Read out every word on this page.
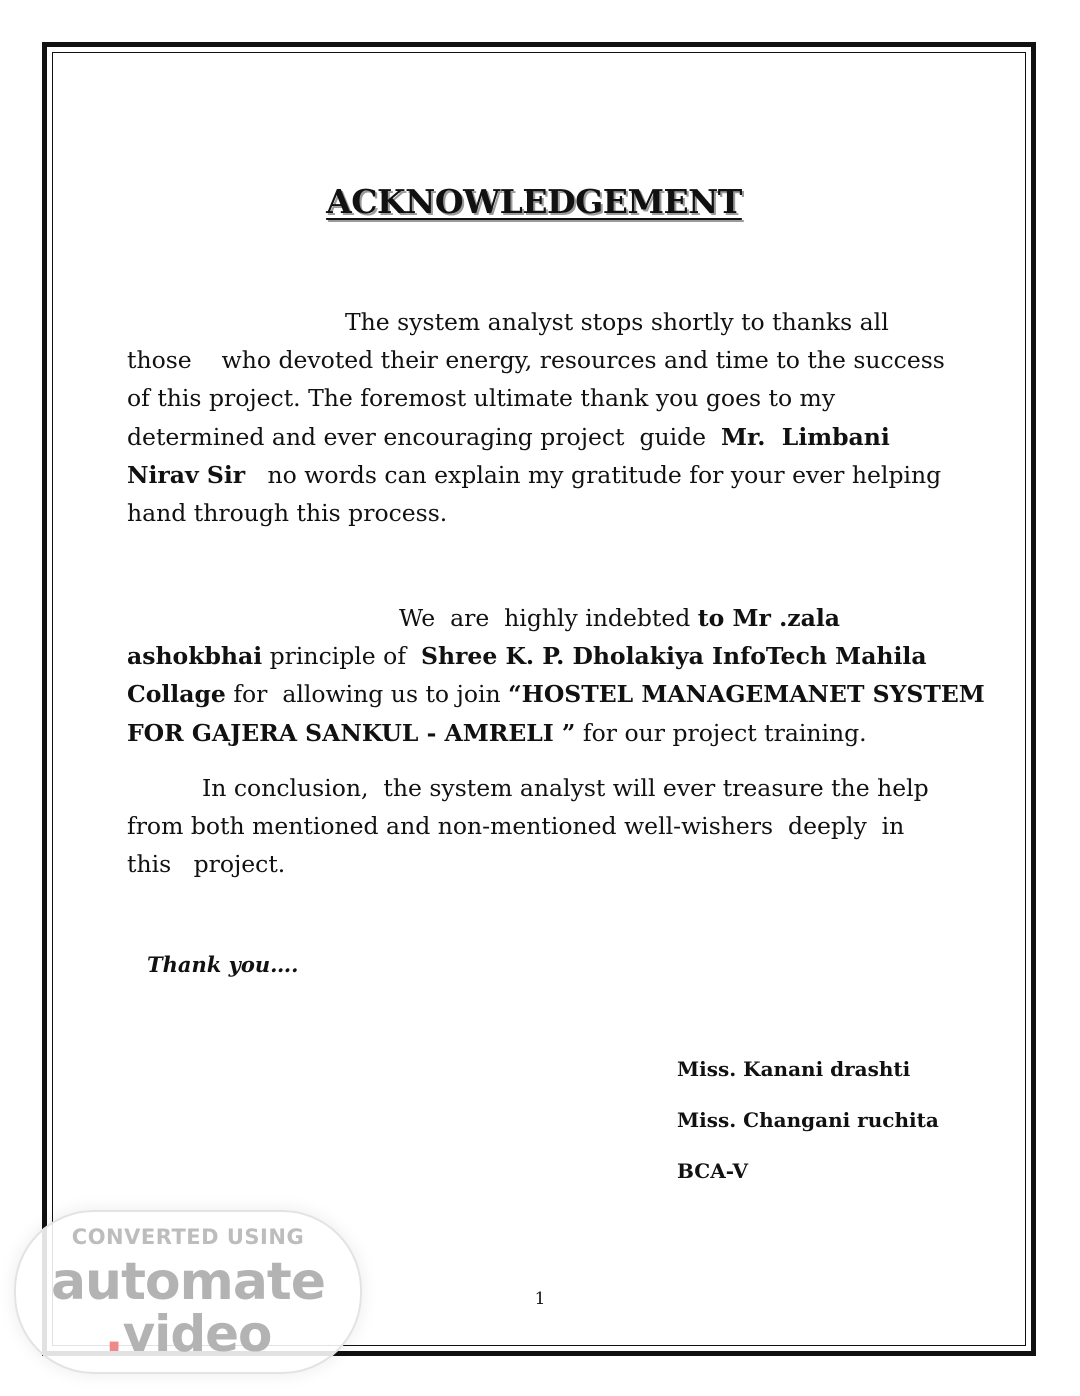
ACKNOWLEDGEMENT

The system analyst stops shortly to thanks all
those    who devoted their energy, resources and time to the success
of this project. The foremost ultimate thank you goes to my
determined and ever encouraging project  guide  Mr.  Limbani
Nirav Sir   no words can explain my gratitude for your ever helping
hand through this process.

We  are  highly indebted to Mr .zala
ashokbhai principle of  Shree K. P. Dholakiya InfoTech Mahila
Collage for  allowing us to join “HOSTEL MANAGEMANET SYSTEM
FOR GAJERA SANKUL - AMRELI ” for our project training.

In conclusion,  the system analyst will ever treasure the help
from both mentioned and non-mentioned well-wishers  deeply  in
this   project.

Thank you….
Miss. Kanani drashti
Miss. Changani ruchita
BCA-V
1
CONVERTED USING
automate
.video
